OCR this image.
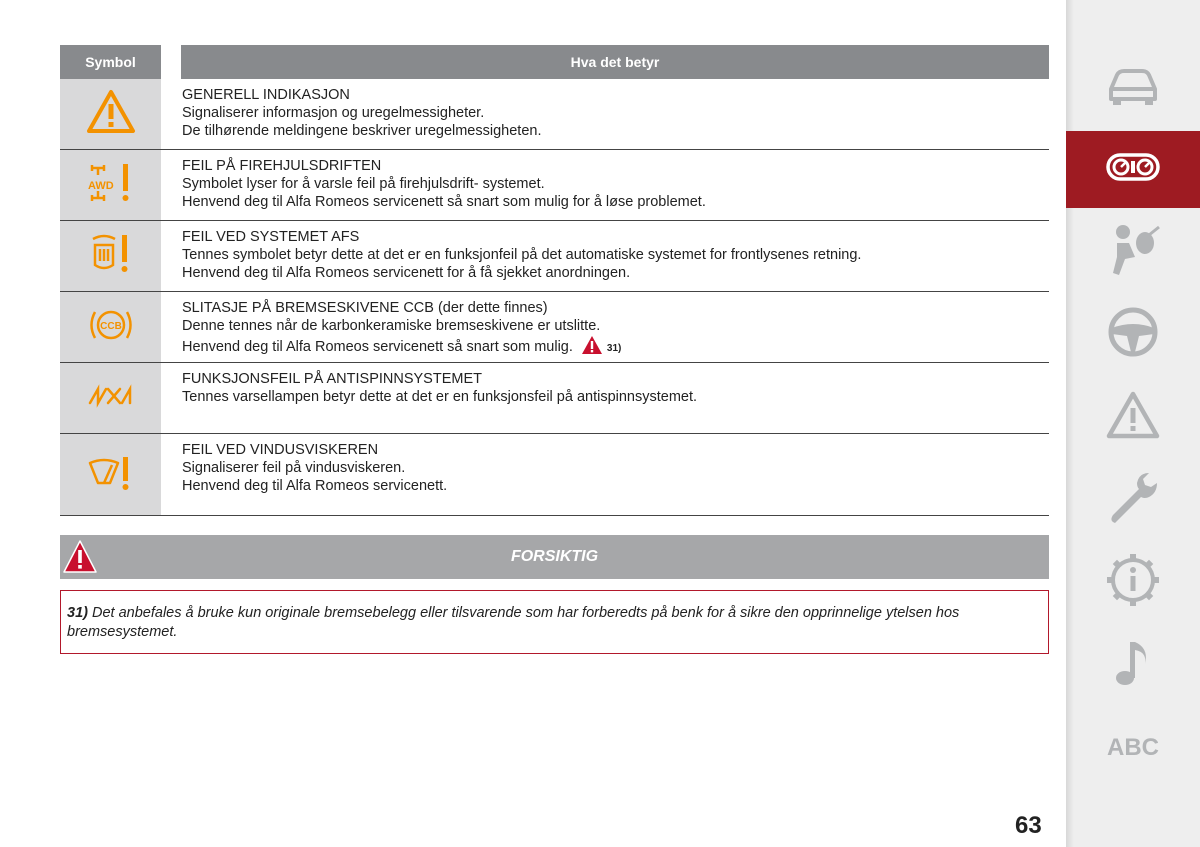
Symbol	Hva det betyr
GENERELL INDIKASJON
Signaliserer informasjon og uregelmessigheter.
De tilhørende meldingene beskriver uregelmessigheten.
AWD
FEIL PÅ FIREHJULSDRIFTEN
Symbolet lyser for å varsle feil på firehjulsdrift- systemet.
Henvend deg til Alfa Romeos servicenett så snart som mulig for å løse problemet.
FEIL VED SYSTEMET AFS
Tennes symbolet betyr dette at det er en funksjonfeil på det automatiske systemet for frontlysenes retning.
Henvend deg til Alfa Romeos servicenett for å få sjekket anordningen.
CCB
SLITASJE PÅ BREMSESKIVENE CCB (der dette finnes)
Denne tennes når de karbonkeramiske bremseskivene er utslitte.
Henvend deg til Alfa Romeos servicenett så snart som mulig.	31)
FUNKSJONSFEIL PÅ ANTISPINNSYSTEMET
Tennes varsellampen betyr dette at det er en funksjonsfeil på antispinnsystemet.
FEIL VED VINDUSVISKEREN
Signaliserer feil på vindusviskeren.
Henvend deg til Alfa Romeos servicenett.
FORSIKTIG
31) Det anbefales å bruke kun originale bremsebelegg eller tilsvarende som har forberedts på benk for å sikre den opprinnelige ytelsen hos bremsesystemet.
63
ABC
